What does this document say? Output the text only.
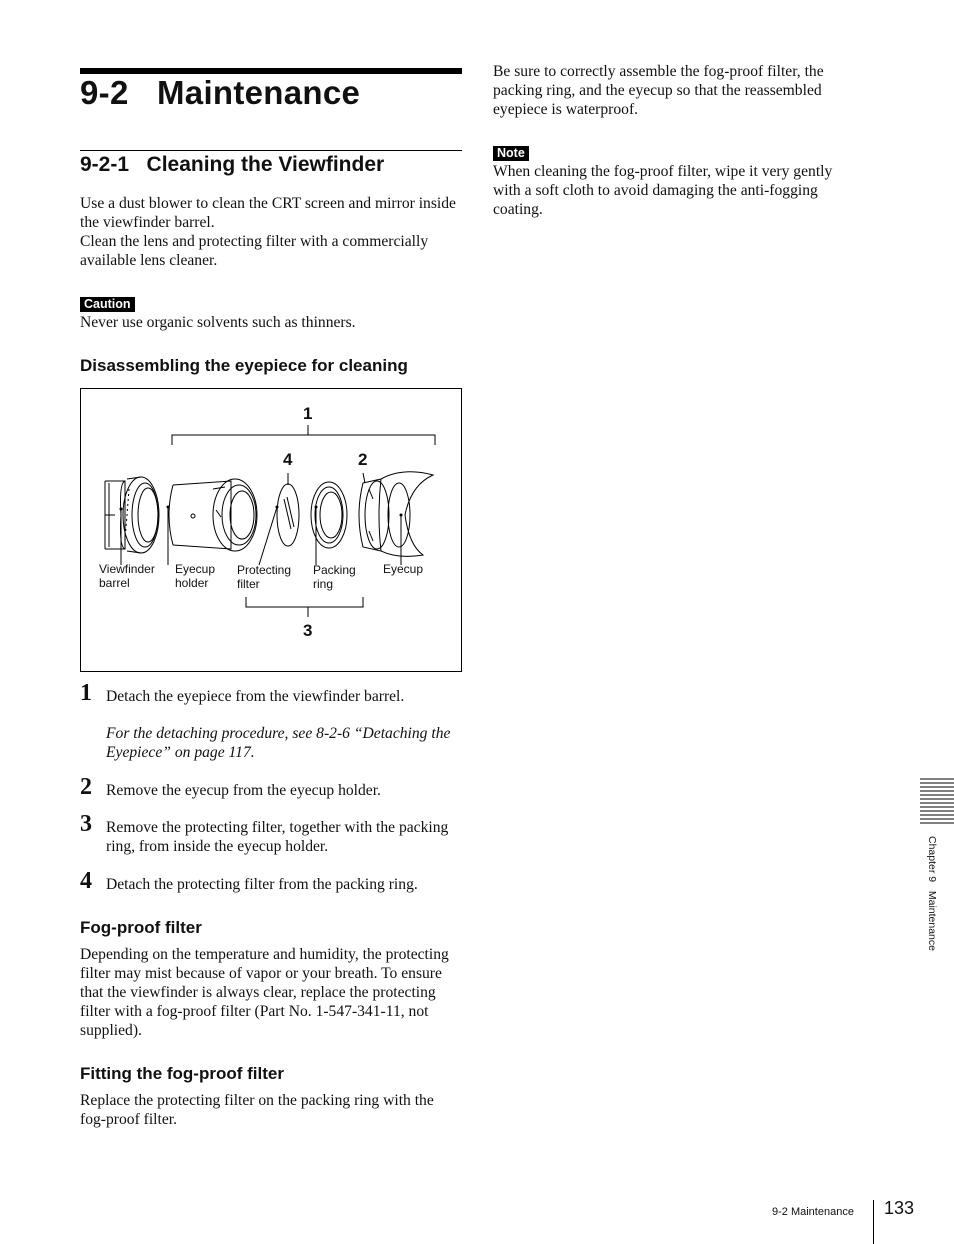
9-2   Maintenance
9-2-1   Cleaning the Viewfinder
Use a dust blower to clean the CRT screen and mirror inside the viewfinder barrel.
Clean the lens and protecting filter with a commercially available lens cleaner.
Caution
Never use organic solvents such as thinners.
Disassembling the eyepiece for cleaning
1
4	2
3
Viewfinder
barrel
Eyecup
holder
Protecting
filter
Packing
ring
Eyecup
1 Detach the eyepiece from the viewfinder barrel.
For the detaching procedure, see 8-2-6 “Detaching the Eyepiece” on page 117.
2 Remove the eyecup from the eyecup holder.
3 Remove the protecting filter, together with the packing ring, from inside the eyecup holder.
4 Detach the protecting filter from the packing ring.
Fog-proof filter
Depending on the temperature and humidity, the protecting filter may mist because of vapor or your breath. To ensure that the viewfinder is always clear, replace the protecting filter with a fog-proof filter (Part No. 1-547-341-11, not supplied).
Fitting the fog-proof filter
Replace the protecting filter on the packing ring with the fog-proof filter.
Be sure to correctly assemble the fog-proof filter, the packing ring, and the eyecup so that the reassembled eyepiece is waterproof.
Note
When cleaning the fog-proof filter, wipe it very gently with a soft cloth to avoid damaging the anti-fogging coating.
Chapter 9   Maintenance
9-2 Maintenance 133
